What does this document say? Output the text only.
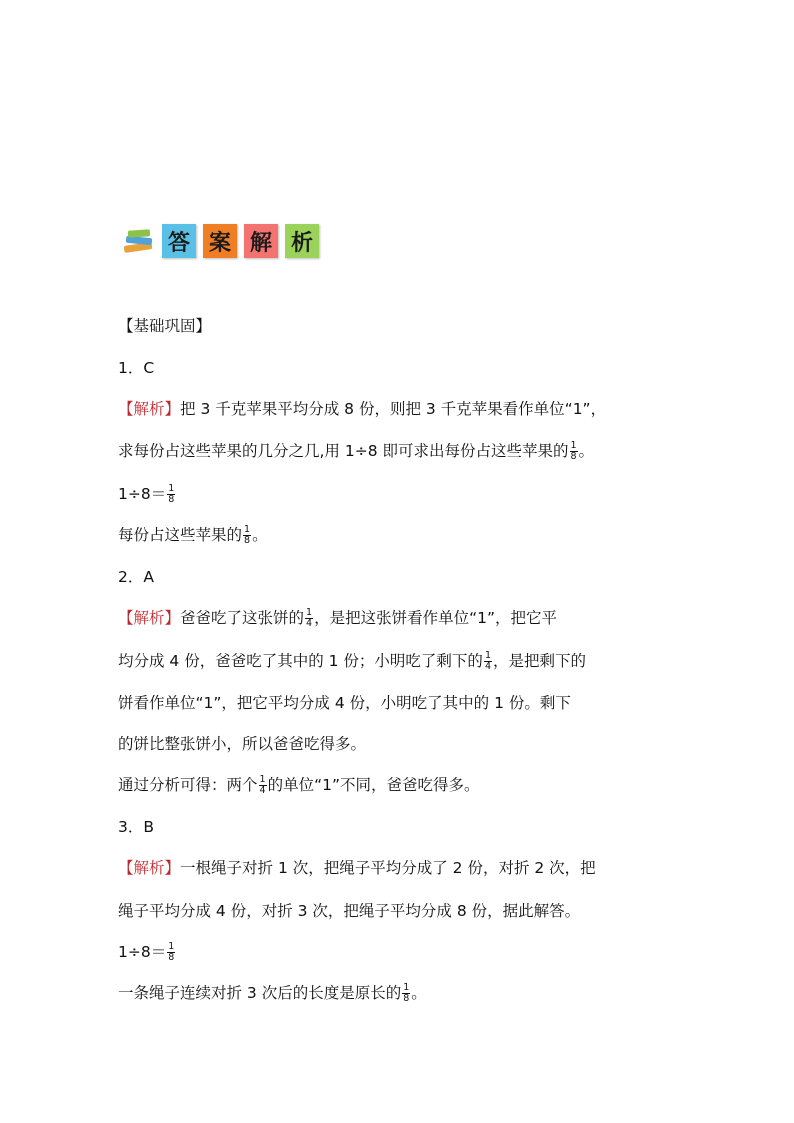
答 案 解 析
【基础巩固】
1．C
【解析】把 3 千克苹果平均分成 8 份，则把 3 千克苹果看作单位“1”，
求每份占这些苹果的几分之几,用 1÷8 即可求出每份占这些苹果的 $\frac{1}{8}$ 。
$1\div 8= \frac{1}{8}$
每份占这些苹果的 $\frac{1}{8}$ 。
2．A
【解析】爸爸吃了这张饼的 $\frac{1}{4}$ ，是把这张饼看作单位“1”，把它平
均分成 4 份，爸爸吃了其中的 1 份；小明吃了剩下的 $\frac{1}{4}$ ，是把剩下的
饼看作单位“1”，把它平均分成 4 份，小明吃了其中的 1 份。剩下
的饼比整张饼小，所以爸爸吃得多。
通过分析可得：两个 $\frac{1}{4}$ 的单位“1”不同，爸爸吃得多。
3．B
【解析】一根绳子对折 1 次，把绳子平均分成了 2 份，对折 2 次，把
绳子平均分成 4 份，对折 3 次，把绳子平均分成 8 份，据此解答。
$1\div 8= \frac{1}{8}$
一条绳子连续对折 3 次后的长度是原长的 $\frac{1}{8}$ 。
